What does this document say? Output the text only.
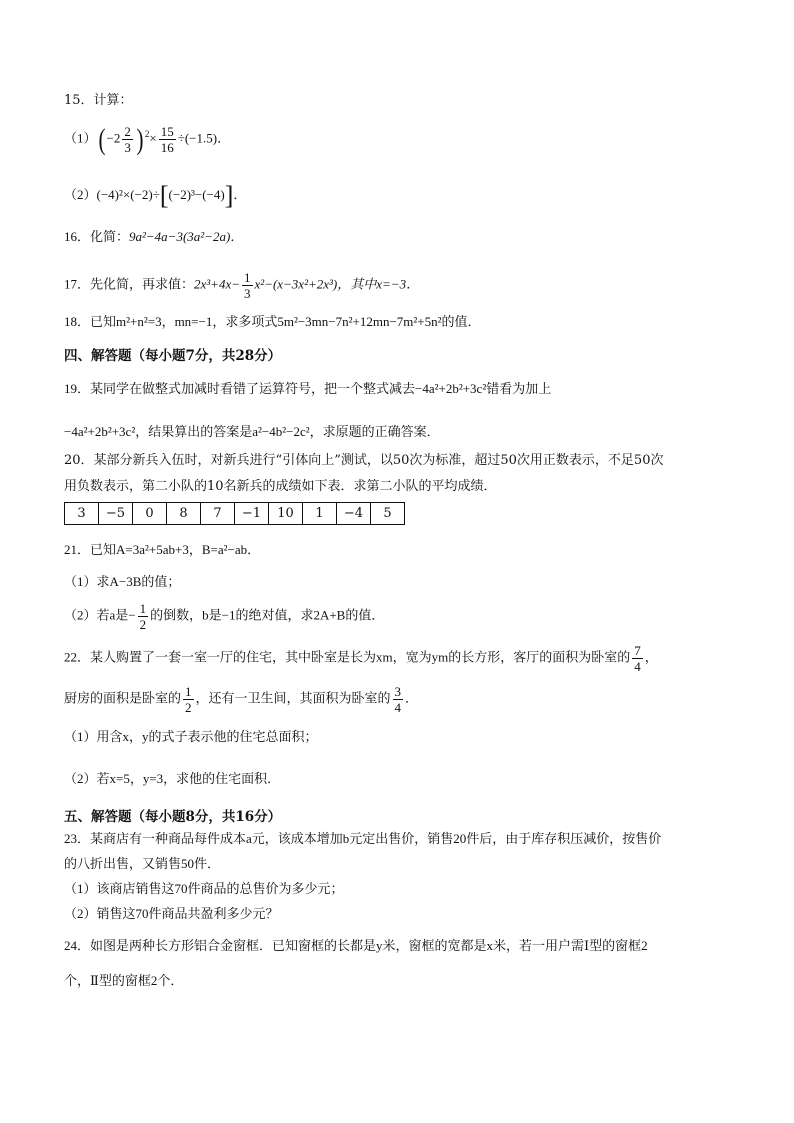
15．计算：
$(1)( -2 \frac{2}{3}$ ) $^2\times \frac{15}{16} \div(-1.5)$．
（2）(−4)²×(−2)÷[(−2)³−(−4)]．
16．化简：9a²−4a−3(3a²−2a)．
17．先化简，再求值：$2x^3+4x- \frac{1}{3} x^2-(x-3x^2+2x^3)$，其中x=−3．
18．已知m²+n²=3，mn=−1，求多项式5m²−3mn−7n²+12mn−7m²+5n²的值．
四、解答题（每小题7分，共28分）
19．某同学在做整式加减时看错了运算符号，把一个整式减去−4a²+2b²+3c²错看为加上
−4a²+2b²+3c²，结果算出的答案是a²−4b²−2c²，求原题的正确答案．
20．某部分新兵入伍时，对新兵进行“引体向上”测试，以50次为标准，超过50次用正数表示，不足50次
用负数表示，第二小队的10名新兵的成绩如下表．求第二小队的平均成绩．
3	−5	0	8	7	−1	10	1	−4	5
21．已知A=3a²+5ab+3，B=a²−ab．
（1）求A−3B的值；
（2）若a是− $\frac{1}{2}$ 的倒数，b是−1的绝对值，求2A+B的值．
22．某人购置了一套一室一厅的住宅，其中卧室是长为xm，宽为ym的长方形，客厅的面积为卧室的 $\frac{7}{4}$ ，
厨房的面积是卧室的 $\frac{1}{2}$ ，还有一卫生间，其面积为卧室的 $\frac{3}{4}$ ．
（1）用含x，y的式子表示他的住宅总面积；
（2）若x=5，y=3，求他的住宅面积．
五、解答题（每小题8分，共16分）
23．某商店有一种商品每件成本a元，该成本增加b元定出售价，销售20件后，由于库存积压减价，按售价
的八折出售，又销售50件．
（1）该商店销售这70件商品的总售价为多少元；
（2）销售这70件商品共盈利多少元？
24．如图是两种长方形铝合金窗框．已知窗框的长都是y米，窗框的宽都是x米，若一用户需Ⅰ型的窗框2
个，Ⅱ型的窗框2个．
